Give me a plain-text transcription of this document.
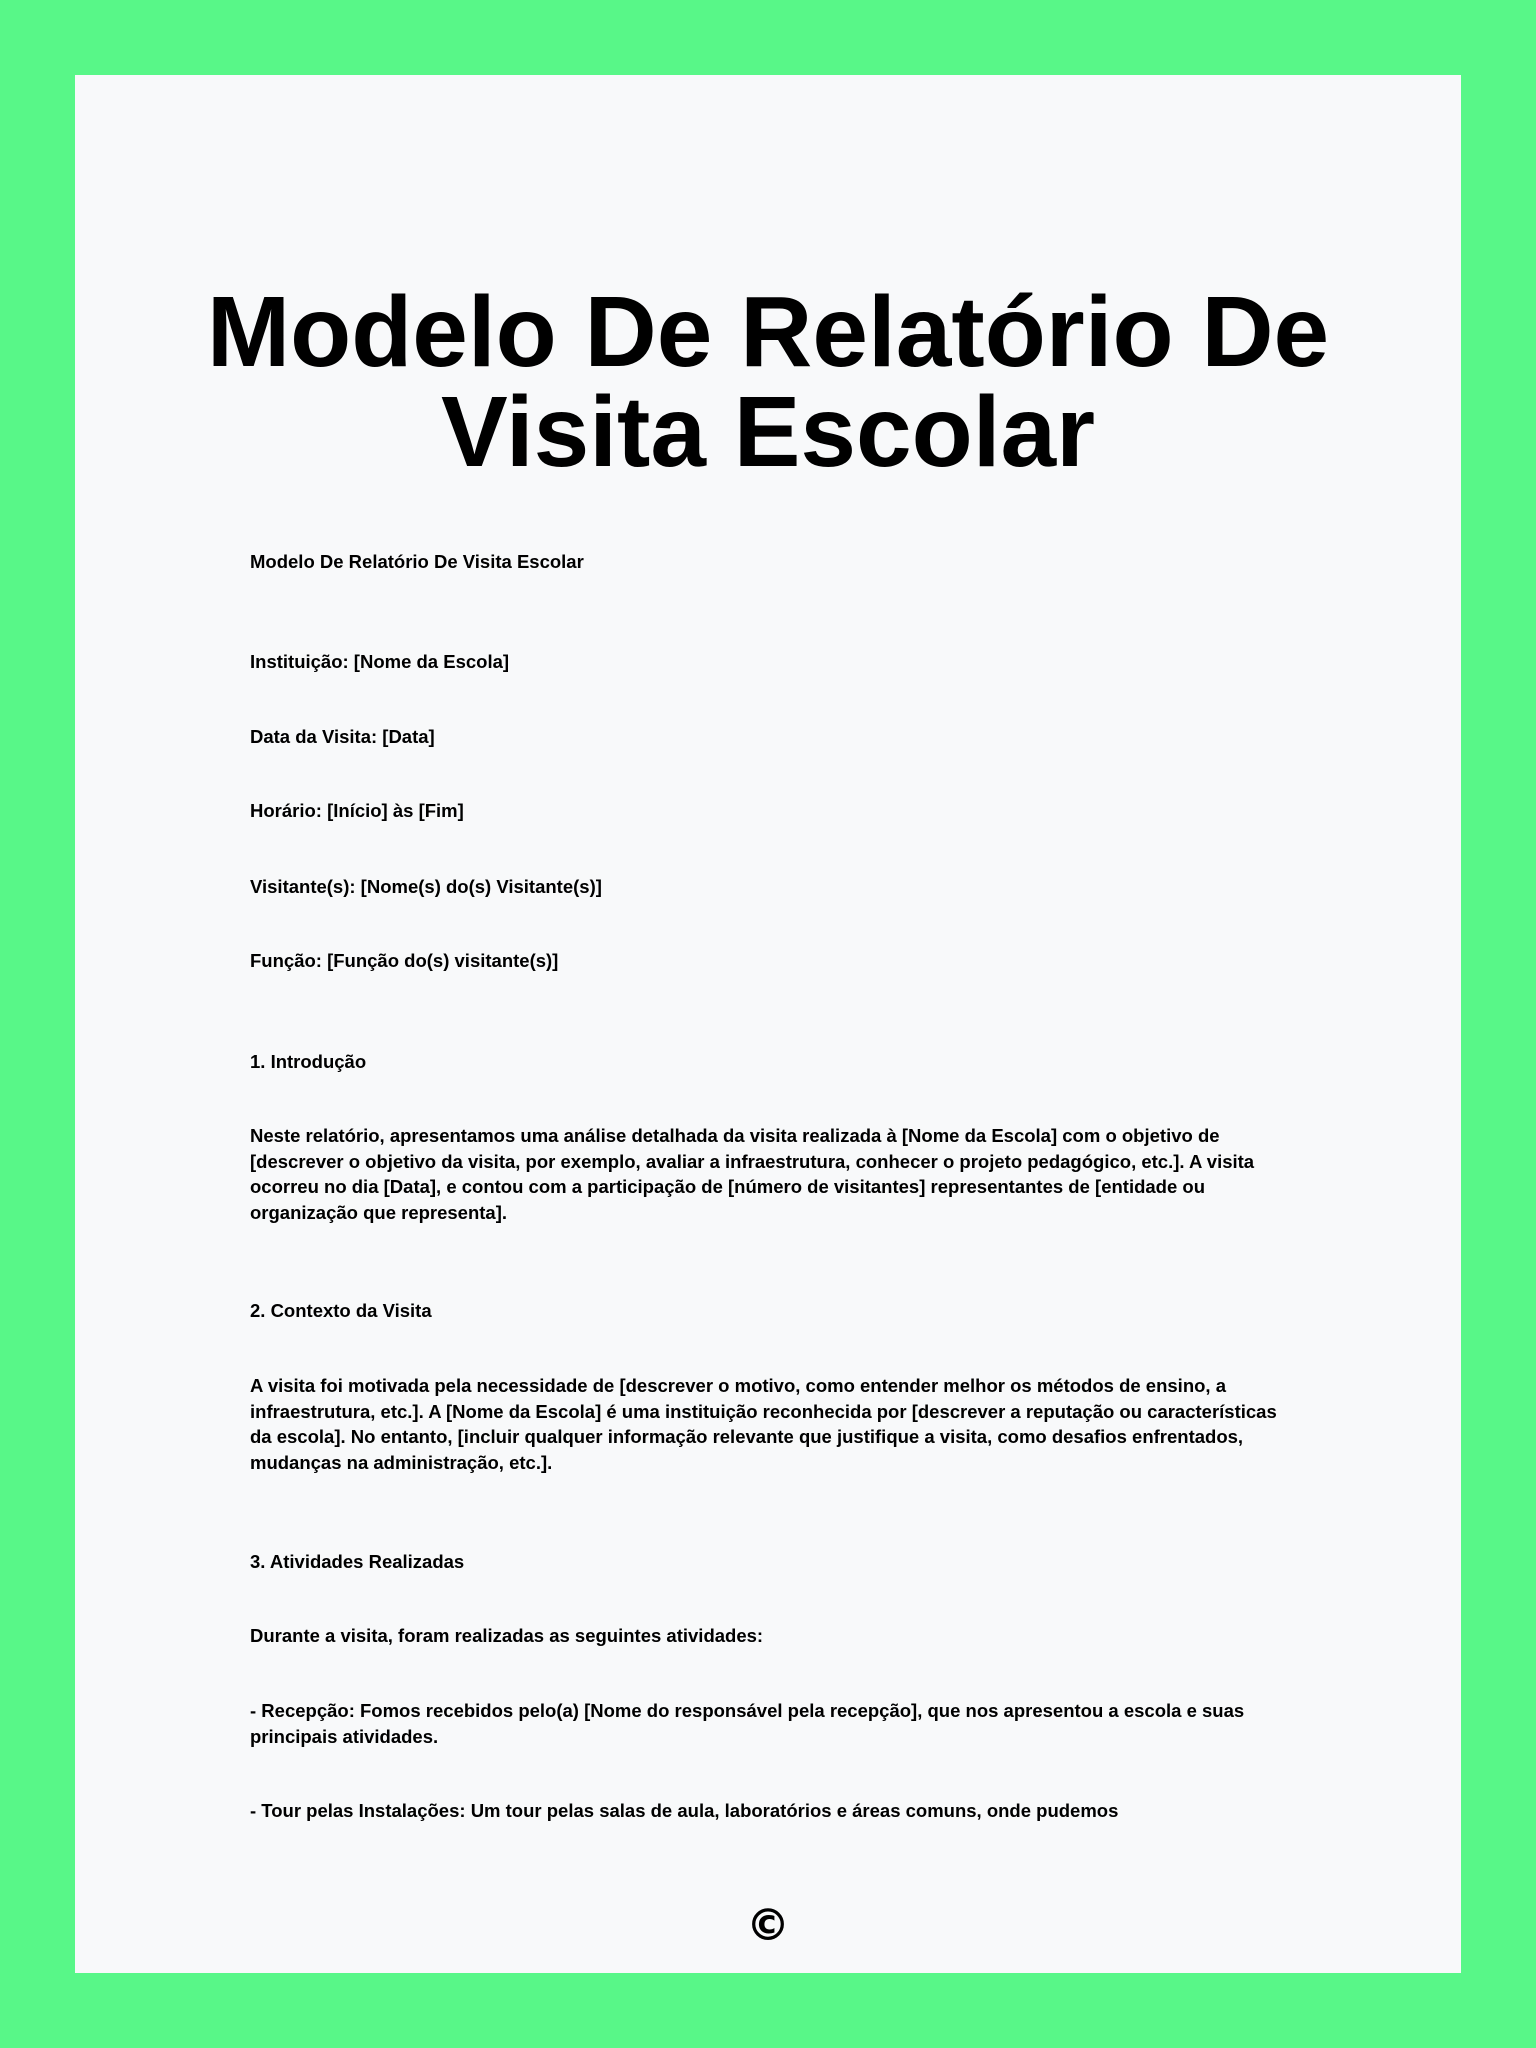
Modelo De Relatório De Visita Escolar

Modelo De Relatório De Visita Escolar

Instituição: [Nome da Escola]

Data da Visita: [Data]

Horário: [Início] às [Fim]

Visitante(s): [Nome(s) do(s) Visitante(s)]

Função: [Função do(s) visitante(s)]

1. Introdução

Neste relatório, apresentamos uma análise detalhada da visita realizada à [Nome da Escola] com o objetivo de [descrever o objetivo da visita, por exemplo, avaliar a infraestrutura, conhecer o projeto pedagógico, etc.]. A visita ocorreu no dia [Data], e contou com a participação de [número de visitantes] representantes de [entidade ou organização que representa].

2. Contexto da Visita

A visita foi motivada pela necessidade de [descrever o motivo, como entender melhor os métodos de ensino, a infraestrutura, etc.]. A [Nome da Escola] é uma instituição reconhecida por [descrever a reputação ou características da escola]. No entanto, [incluir qualquer informação relevante que justifique a visita, como desafios enfrentados, mudanças na administração, etc.].

3. Atividades Realizadas

Durante a visita, foram realizadas as seguintes atividades:

- Recepção: Fomos recebidos pelo(a) [Nome do responsável pela recepção], que nos apresentou a escola e suas principais atividades.

- Tour pelas Instalações: Um tour pelas salas de aula, laboratórios e áreas comuns, onde pudemos

©
